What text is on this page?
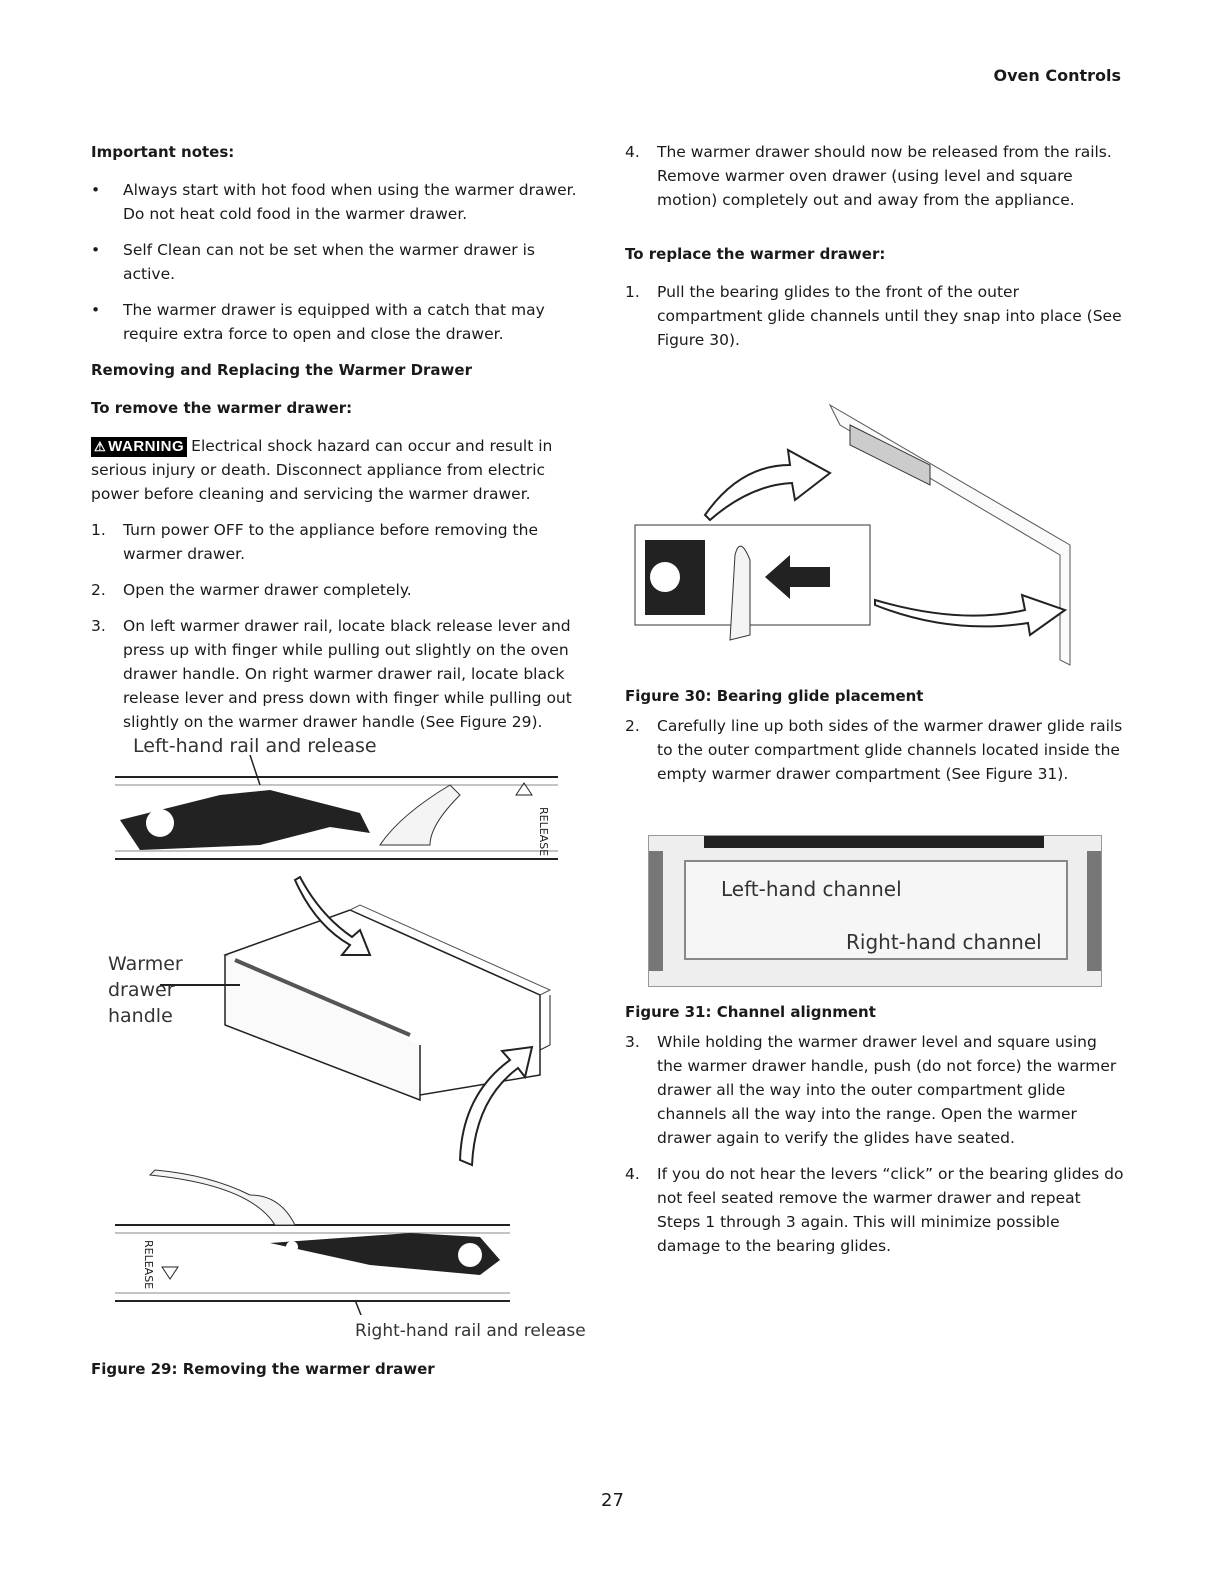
Oven Controls
Important notes:
• Always start with hot food when using the warmer drawer. Do not heat cold food in the warmer drawer.
• Self Clean can not be set when the warmer drawer is active.
• The warmer drawer is equipped with a catch that may require extra force to open and close the drawer.
Removing and Replacing the Warmer Drawer
To remove the warmer drawer:
⚠ WARNING Electrical shock hazard can occur and result in serious injury or death. Disconnect appliance from electric power before cleaning and servicing the warmer drawer.
1. Turn power OFF to the appliance before removing the warmer drawer.
2. Open the warmer drawer completely.
3. On left warmer drawer rail, locate black release lever and press up with finger while pulling out slightly on the oven drawer handle. On right warmer drawer rail, locate black release lever and press down with finger while pulling out slightly on the warmer drawer handle (See Figure 29).
Left-hand rail and release
Warmer
drawer
handle
Right-hand rail and release
RELEASE
RELEASE
Figure 29: Removing the warmer drawer
4. The warmer drawer should now be released from the rails. Remove warmer oven drawer (using level and square motion) completely out and away from the appliance.
To replace the warmer drawer:
1. Pull the bearing glides to the front of the outer compartment glide channels until they snap into place (See Figure 30).
Figure 30: Bearing glide placement
2. Carefully line up both sides of the warmer drawer glide rails to the outer compartment glide channels located inside the empty warmer drawer compartment (See Figure 31).
Left-hand channel
Right-hand channel
Figure 31: Channel alignment
3. While holding the warmer drawer level and square using the warmer drawer handle, push (do not force) the warmer drawer all the way into the outer compartment glide channels all the way into the range. Open the warmer drawer again to verify the glides have seated.
4. If you do not hear the levers “click” or the bearing glides do not feel seated remove the warmer drawer and repeat Steps 1 through 3 again. This will minimize possible damage to the bearing glides.
27
